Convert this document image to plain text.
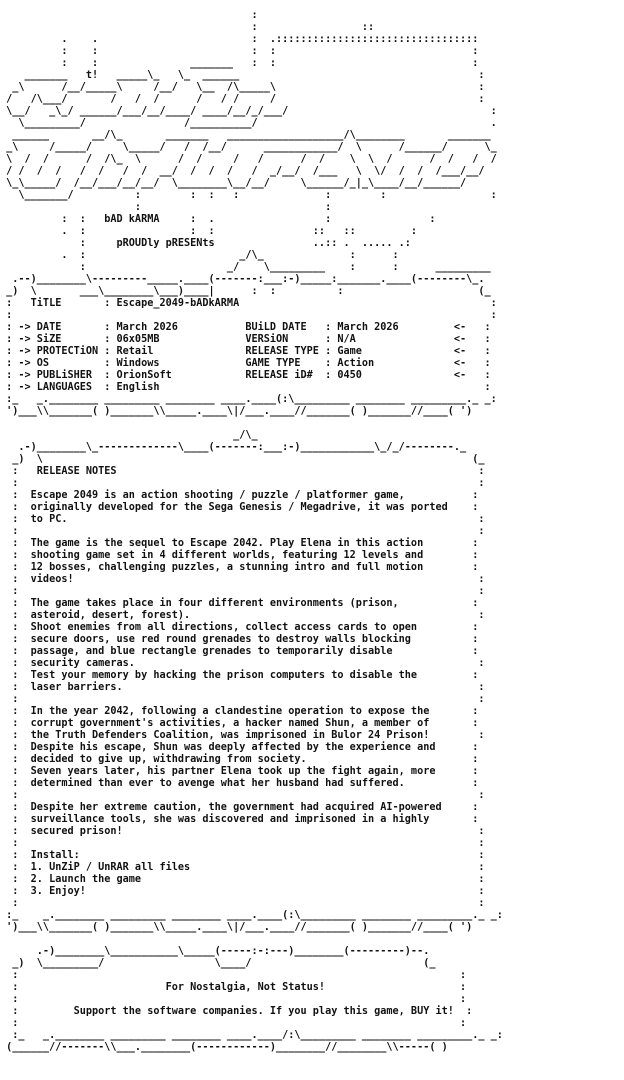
:
:                 ::
.    .                         :  .:::::::::::::::::::::::::::::::::
:    :                         :  :                                :
:    :               _______   :  :                                :
_______   t!   _____\_   \_  ______                                       :
_\      /__/_____\     /__/   \__  /\_____\                                 :
/   /\___/       /   /  /      /   / /     /                                 :
\__/   _\_/ ______/___/__/____/ ____/__/_/___/                                 :
\_________/                /__________/                                      .
______       __/\_       _______   ___________________/\________       _______
_\     /_____/     \_____/   /  /__/      ____________/  \      /______/      \_
\  /  /      /  /\_  \      /  /     /   /      /  /    \  \  /      /  /   /  /
/ /  /  /   /  /   /  /  __/  /  /  /   /  _/__/  /___   \  \/  /  /  /___/__/
\_\_____/  /__/___/__/__/  \________\__/__/     \______/_|_\____/__/______/
\_______/          :        :  :   :              :        :                 :
:                              :
:  :   bAD kARMA     :  .                  :                :
.  :                 :  :                ::   ::         :
:     pROUDly pRESENts                ..:: .  ..... .:
.  :                         _/\_              :      :
:                       _/    \_________    :      :      _________
.--)________\---------_____.____(-------:___:-)_____:_______.____(--------\_.
_)  \       ___\________\___)____|      :  :          :                      (_
:   TiTLE       : Escape_2049-bADkARMA                                         :
:                                                                              :
: -> DATE       : March 2026           BUiLD DATE   : March 2026         <-   :
: -> SiZE       : 06x05MB              VERSiON      : N/A                <-   :
: -> PROTECTiON : Retail               RELEASE TYPE : Game               <-   :
: -> OS         : Windows              GAME TYPE    : Action             <-   :
: -> PUBLiSHER  : OrionSoft            RELEASE iD#  : 0450               <-   :
: -> LANGUAGES  : English                                                     :
:_   _.________ _________ ________ ____.____(:\_________ ________ _________._ _:
')___\\_______( )_______\\_____.____\|/___.____//_______( )_______//____( ')
_/\_
.-)________\_-------------\____(-------:___:-)____________\_/_/--------._
_)  \                                                                      (_
:   RELEASE NOTES                                                           :
:                                                                           :
:  Escape 2049 is an action shooting / puzzle / platformer game,           :
:  originally developed for the Sega Genesis / Megadrive, it was ported    :
:  to PC.                                                                   :
:                                                                           :
:  The game is the sequel to Escape 2042. Play Elena in this action        :
:  shooting game set in 4 different worlds, featuring 12 levels and        :
:  12 bosses, challenging puzzles, a stunning intro and full motion        :
:  videos!                                                                  :
:                                                                           :
:  The game takes place in four different environments (prison,            :
:  asteroid, desert, forest).                                               :
:  Shoot enemies from all directions, collect access cards to open         :
:  secure doors, use red round grenades to destroy walls blocking          :
:  passage, and blue rectangle grenades to temporarily disable             :
:  security cameras.                                                        :
:  Test your memory by hacking the prison computers to disable the         :
:  laser barriers.                                                          :
:                                                                           :
:  In the year 2042, following a clandestine operation to expose the       :
:  corrupt government's activities, a hacker named Shun, a member of       :
:  the Truth Defenders Coalition, was imprisoned in Bulor 24 Prison!        :
:  Despite his escape, Shun was deeply affected by the experience and      :
:  decided to give up, withdrawing from society.                           :
:  Seven years later, his partner Elena took up the fight again, more      :
:  determined than ever to avenge what her husband had suffered.           :
:                                                                           :
:  Despite her extreme caution, the government had acquired AI-powered     :
:  surveillance tools, she was discovered and imprisoned in a highly       :
:  secured prison!                                                          :
:                                                                           :
:  Install:                                                                 :
:  1. UnZiP / UnRAR all files                                               :
:  2. Launch the game                                                       :
:  3. Enjoy!                                                                :
:                                                                           :
:_    _.________ _________ ________ ____.____(:\_________ ________ _________._ _:
')___\\_______( )_______\\_____.____\|/___.____//_______( )_______//____( ')
.-)________\___________\_____(-----:-:---)________(---------)--.
_)  \_________/                  \____/                            (_
:                                                                        :
:                        For Nostalgia, Not Status!                      :
:                                                                        :
:         Support the software companies. If you play this game, BUY it!  :
:                                                                        :
:_   _.________ _________ ________ ____.____/:\_________ ________ _________._ _:
(______//-------\\___.________(------------)________//________\\-----( )
